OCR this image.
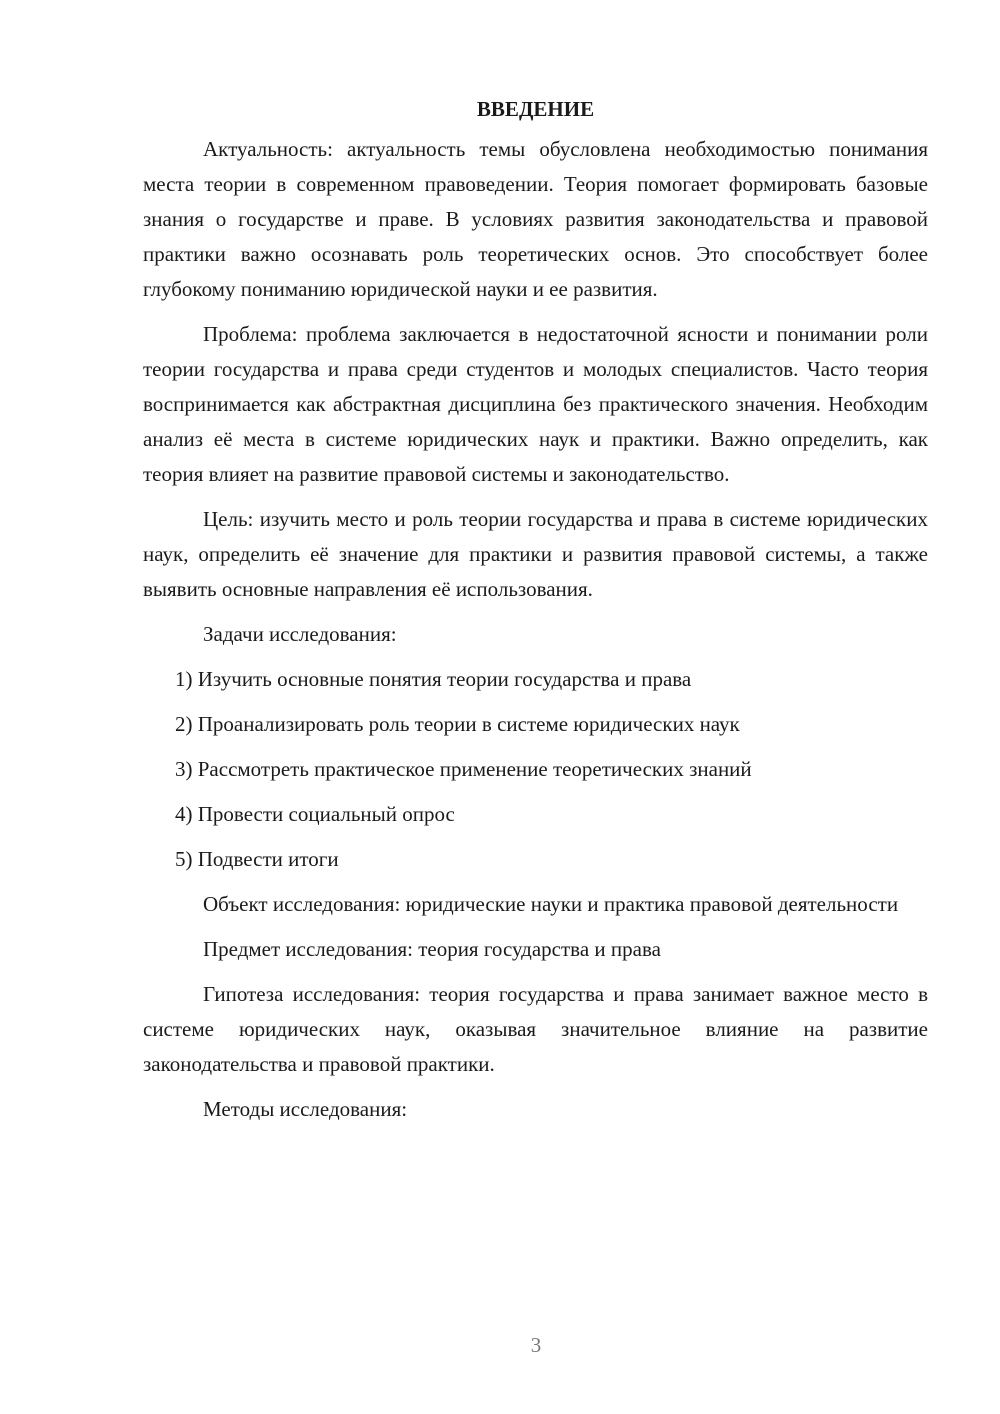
ВВЕДЕНИЕ

Актуальность: актуальность темы обусловлена необходимостью понимания места теории в современном правоведении. Теория помогает формировать базовые знания о государстве и праве. В условиях развития законодательства и правовой практики важно осознавать роль теоретических основ. Это способствует более глубокому пониманию юридической науки и ее развития.

Проблема: проблема заключается в недостаточной ясности и понимании роли теории государства и права среди студентов и молодых специалистов. Часто теория воспринимается как абстрактная дисциплина без практического значения. Необходим анализ её места в системе юридических наук и практики. Важно определить, как теория влияет на развитие правовой системы и законодательство.

Цель: изучить место и роль теории государства и права в системе юридических наук, определить её значение для практики и развития правовой системы, а также выявить основные направления её использования.

Задачи исследования:

1) Изучить основные понятия теории государства и права
2) Проанализировать роль теории в системе юридических наук
3) Рассмотреть практическое применение теоретических знаний
4) Провести социальный опрос
5) Подвести итоги

Объект исследования: юридические науки и практика правовой деятельности

Предмет исследования: теория государства и права

Гипотеза исследования: теория государства и права занимает важное место в системе юридических наук, оказывая значительное влияние на развитие законодательства и правовой практики.

Методы исследования:

3
